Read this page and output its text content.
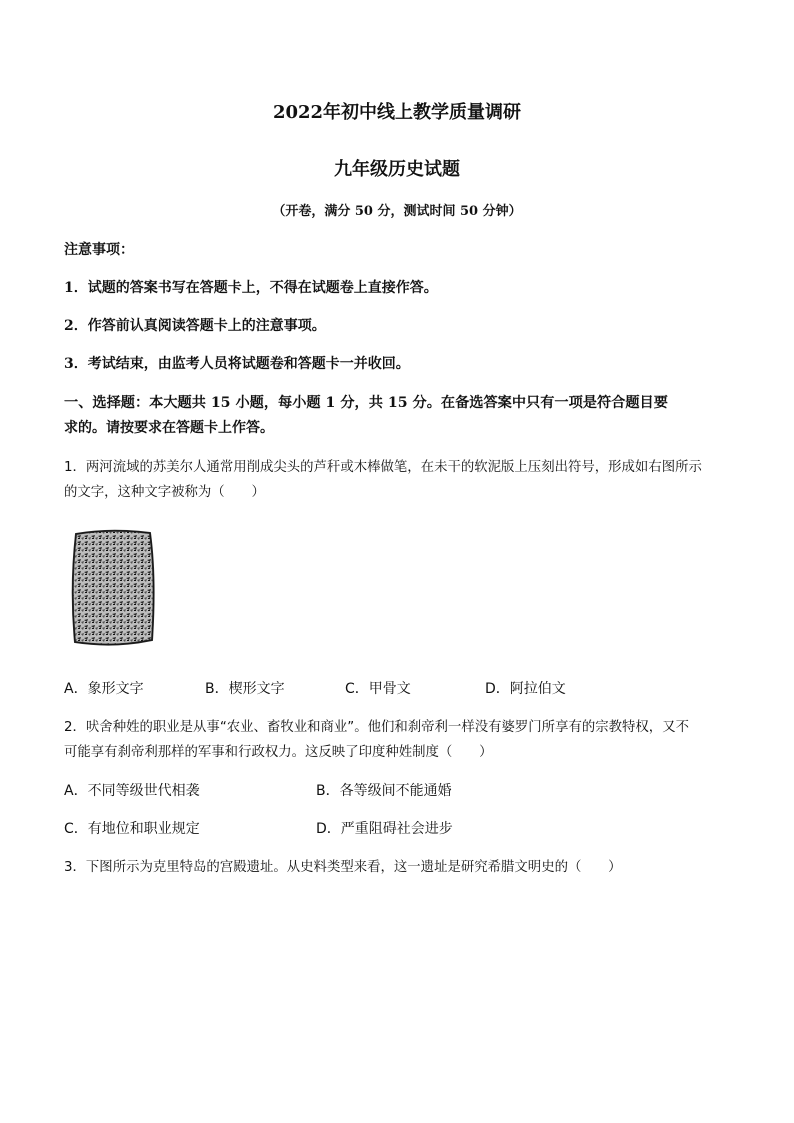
2022年初中线上教学质量调研
九年级历史试题
（开卷，满分 50 分，测试时间 50 分钟）
注意事项：
1．试题的答案书写在答题卡上，不得在试题卷上直接作答。
2．作答前认真阅读答题卡上的注意事项。
3．考试结束，由监考人员将试题卷和答题卡一并收回。
一、选择题：本大题共 15 小题，每小题 1 分，共 15 分。在备选答案中只有一项是符合题目要
求的。请按要求在答题卡上作答。
1．两河流域的苏美尔人通常用削成尖头的芦秆或木棒做笔，在未干的软泥版上压刻出符号，形成如右图所示
的文字，这种文字被称为（　　）
A．象形文字	B．楔形文字	C．甲骨文	D．阿拉伯文
2．吠舍种姓的职业是从事“农业、畜牧业和商业”。他们和刹帝利一样没有婆罗门所享有的宗教特权，又不
可能享有刹帝利那样的军事和行政权力。这反映了印度种姓制度（　　）
A．不同等级世代相袭	B．各等级间不能通婚
C．有地位和职业规定	D．严重阻碍社会进步
3．下图所示为克里特岛的宫殿遗址。从史料类型来看，这一遗址是研究希腊文明史的（　　）
